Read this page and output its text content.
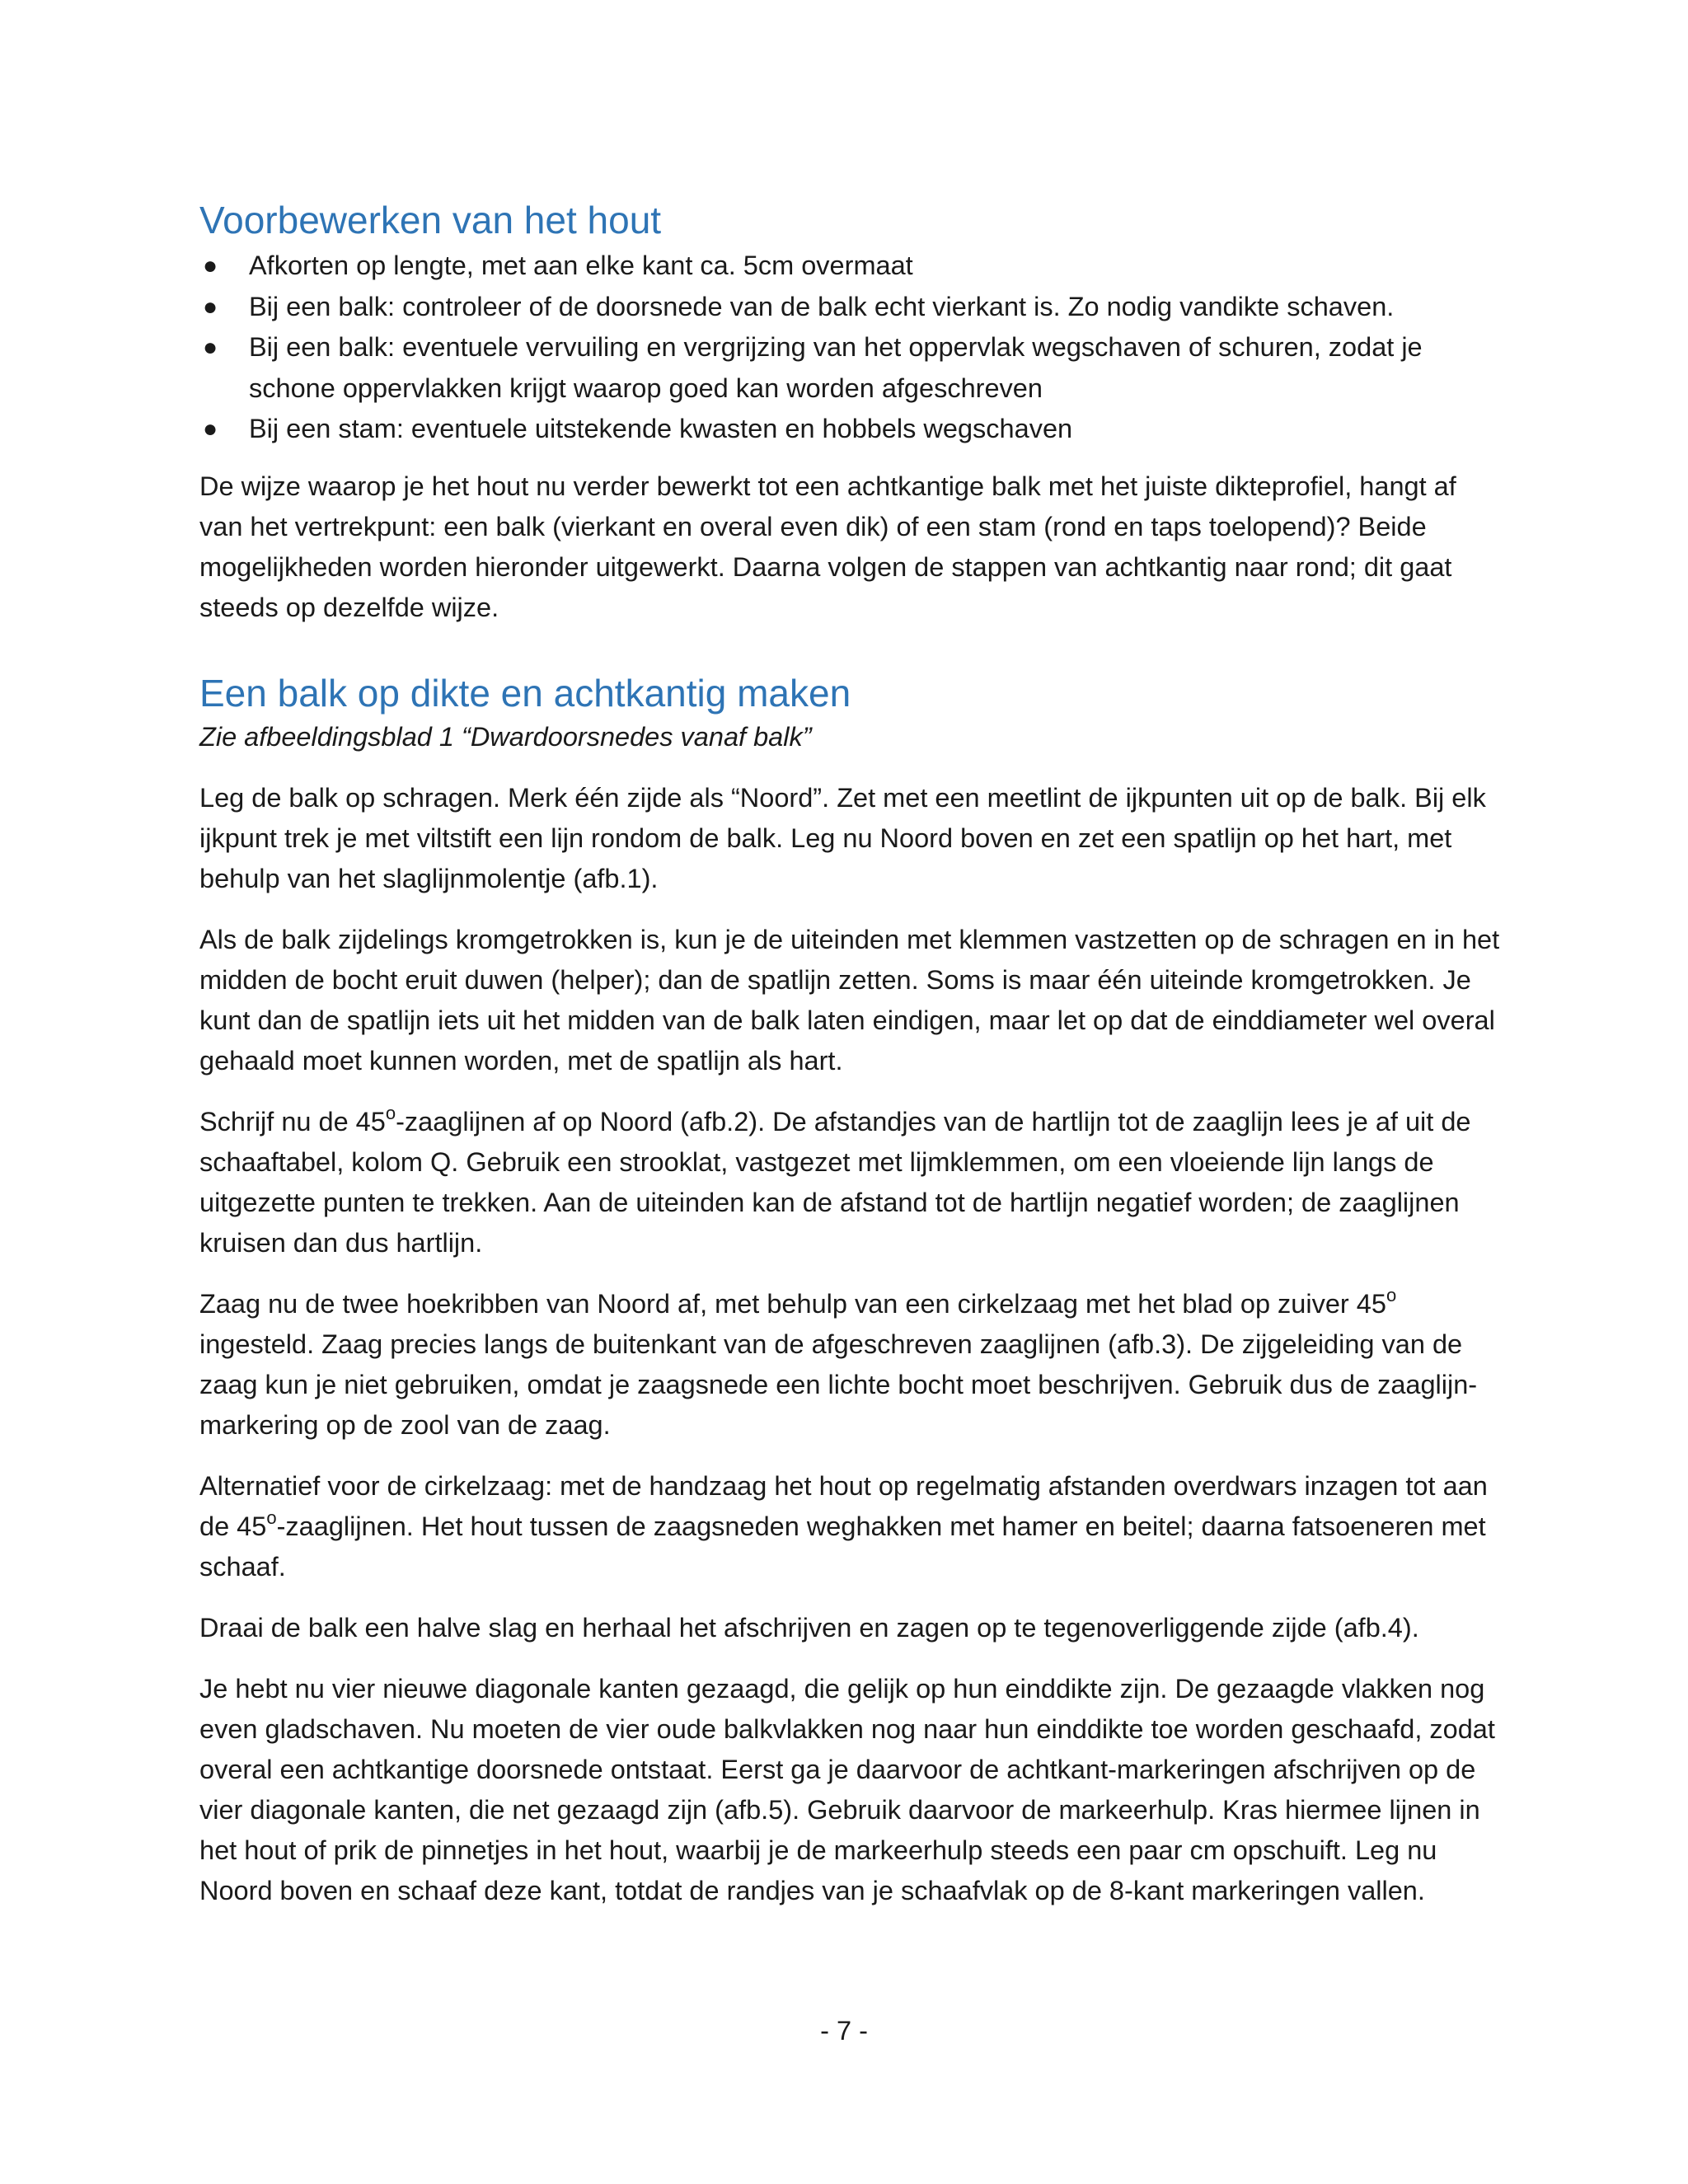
Voorbewerken van het hout
● Afkorten op lengte, met aan elke kant ca. 5cm overmaat
● Bij een balk: controleer of de doorsnede van de balk echt vierkant is. Zo nodig vandikte schaven.
● Bij een balk: eventuele vervuiling en vergrijzing van het oppervlak wegschaven of schuren, zodat je schone oppervlakken krijgt waarop goed kan worden afgeschreven
● Bij een stam: eventuele uitstekende kwasten en hobbels wegschaven

De wijze waarop je het hout nu verder bewerkt tot een achtkantige balk met het juiste dikteprofiel, hangt af van het vertrekpunt: een balk (vierkant en overal even dik) of een stam (rond en taps toelopend)? Beide mogelijkheden worden hieronder uitgewerkt. Daarna volgen de stappen van achtkantig naar rond; dit gaat steeds op dezelfde wijze.

Een balk op dikte en achtkantig maken

Zie afbeeldingsblad 1 “Dwardoorsnedes vanaf balk”

Leg de balk op schragen. Merk één zijde als “Noord”. Zet met een meetlint de ijkpunten uit op de balk. Bij elk ijkpunt trek je met viltstift een lijn rondom de balk. Leg nu Noord boven en zet een spatlijn op het hart, met behulp van het slaglijnmolentje (afb.1).

Als de balk zijdelings kromgetrokken is, kun je de uiteinden met klemmen vastzetten op de schragen en in het midden de bocht eruit duwen (helper); dan de spatlijn zetten. Soms is maar één uiteinde kromgetrokken. Je kunt dan de spatlijn iets uit het midden van de balk laten eindigen, maar let op dat de einddiameter wel overal gehaald moet kunnen worden, met de spatlijn als hart.

Schrijf nu de 45$^o$-zaaglijnen af op Noord (afb.2). De afstandjes van de hartlijn tot de zaaglijn lees je af uit de schaaftabel, kolom Q. Gebruik een strooklat, vastgezet met lijmklemmen, om een vloeiende lijn langs de uitgezette punten te trekken. Aan de uiteinden kan de afstand tot de hartlijn negatief worden; de zaaglijnen kruisen dan dus hartlijn.

Zaag nu de twee hoekribben van Noord af, met behulp van een cirkelzaag met het blad op zuiver 45$^o$ ingesteld. Zaag precies langs de buitenkant van de afgeschreven zaaglijnen (afb.3). De zijgeleiding van de zaag kun je niet gebruiken, omdat je zaagsnede een lichte bocht moet beschrijven. Gebruik dus de zaaglijn-markering op de zool van de zaag.

Alternatief voor de cirkelzaag: met de handzaag het hout op regelmatig afstanden overdwars inzagen tot aan de 45$^o$-zaaglijnen. Het hout tussen de zaagsneden weghakken met hamer en beitel; daarna fatsoeneren met schaaf.

Draai de balk een halve slag en herhaal het afschrijven en zagen op te tegenoverliggende zijde (afb.4).

Je hebt nu vier nieuwe diagonale kanten gezaagd, die gelijk op hun einddikte zijn. De gezaagde vlakken nog even gladschaven. Nu moeten de vier oude balkvlakken nog naar hun einddikte toe worden geschaafd, zodat overal een achtkantige doorsnede ontstaat. Eerst ga je daarvoor de achtkant-markeringen afschrijven op de vier diagonale kanten, die net gezaagd zijn (afb.5). Gebruik daarvoor de markeerhulp. Kras hiermee lijnen in het hout of prik de pinnetjes in het hout, waarbij je de markeerhulp steeds een paar cm opschuift. Leg nu Noord boven en schaaf deze kant, totdat de randjes van je schaafvlak op de 8-kant markeringen vallen.

- 7 -
